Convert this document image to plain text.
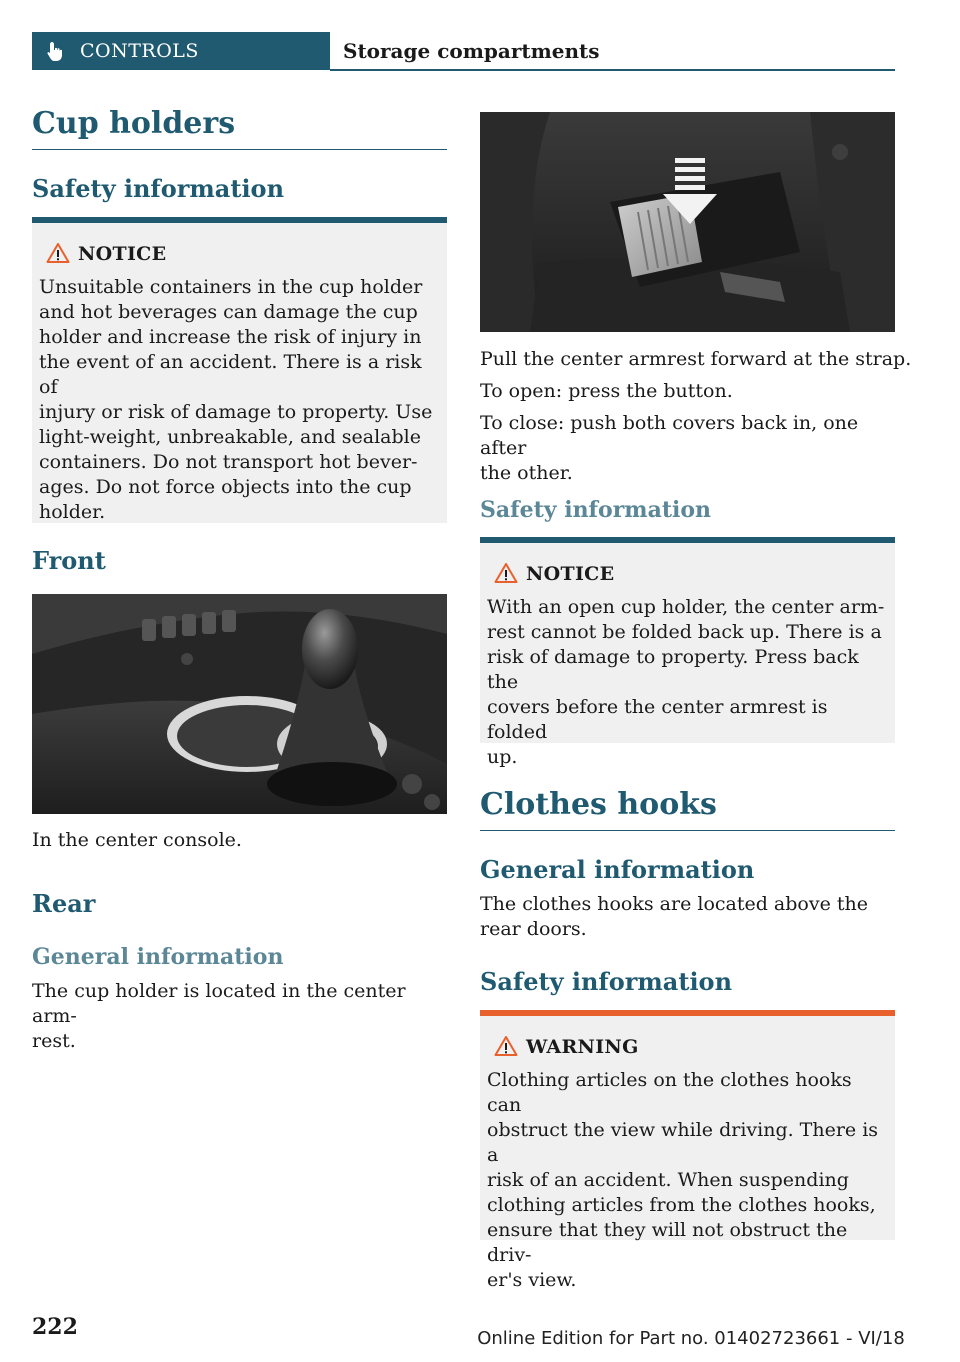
CONTROLS	Storage compartments
Cup holders
Safety information
NOTICE
Unsuitable containers in the cup holder
and hot beverages can damage the cup
holder and increase the risk of injury in
the event of an accident. There is a risk of
injury or risk of damage to property. Use
light-weight, unbreakable, and sealable
containers. Do not transport hot bever-
ages. Do not force objects into the cup
holder.
Front
In the center console.
Rear
General information
The cup holder is located in the center arm-
rest.
Pull the center armrest forward at the strap.
To open: press the button.
To close: push both covers back in, one after
the other.
Safety information
NOTICE
With an open cup holder, the center arm-
rest cannot be folded back up. There is a
risk of damage to property. Press back the
covers before the center armrest is folded
up.
Clothes hooks
General information
The clothes hooks are located above the
rear doors.
Safety information
WARNING
Clothing articles on the clothes hooks can
obstruct the view while driving. There is a
risk of an accident. When suspending
clothing articles from the clothes hooks,
ensure that they will not obstruct the driv-
er's view.
222	Online Edition for Part no. 01402723661 - VI/18
